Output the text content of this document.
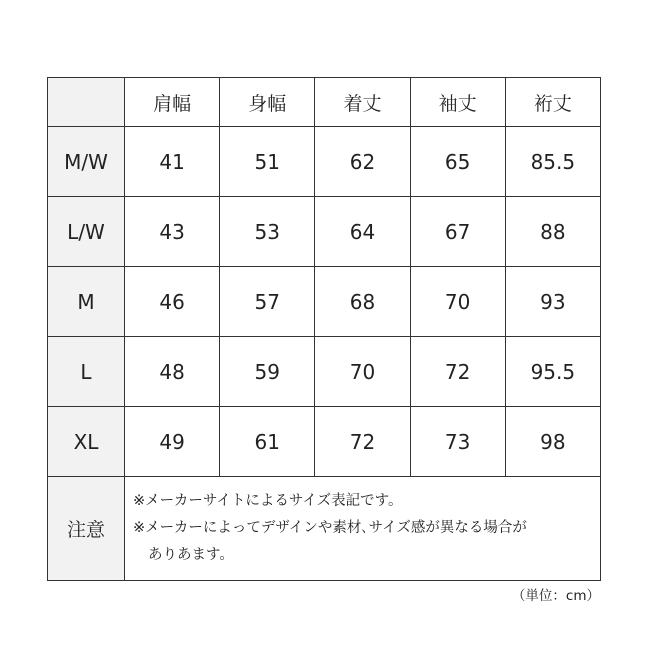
	肩幅	身幅	着丈	袖丈	裄丈
M/W	41	51	62	65	85.5
L/W	43	53	64	67	88
M	46	57	68	70	93
L	48	59	70	72	95.5
XL	49	61	72	73	98
注意	※メーカーサイトによるサイズ表記です。
※メーカーによってデザインや素材､サイズ感が異なる場合が
ありあます。				
（単位：cm）
